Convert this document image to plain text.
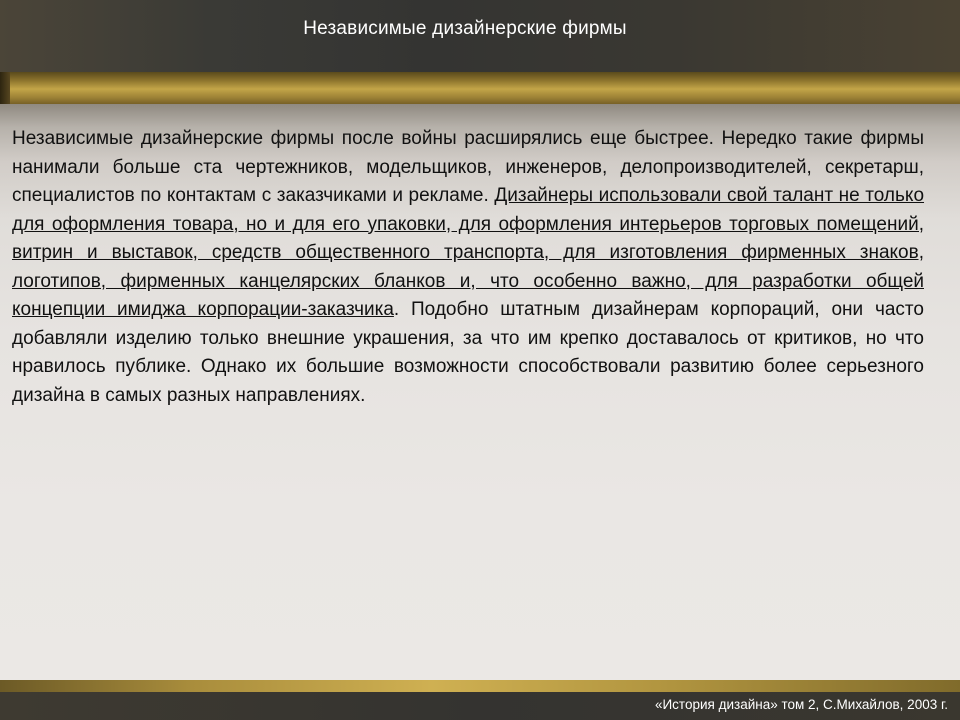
Независимые дизайнерские фирмы

Независимые дизайнерские фирмы после войны расширялись еще быстрее. Нередко такие фирмы нанимали больше ста чертежников, модельщиков, инженеров, делопроизводителей, секретарш, специалистов по контактам с заказчиками и рекламе. Дизайнеры использовали свой талант не только для оформления товара, но и для его упаковки, для оформления интерьеров торговых помещений, витрин и выставок, средств общественного транспорта, для изготовления фирменных знаков, логотипов, фирменных канцелярских бланков и, что особенно важно, для разработки общей концепции имиджа корпорации-заказчика. Подобно штатным дизайнерам корпораций, они часто добавляли изделию только внешние украшения, за что им крепко доставалось от критиков, но что нравилось публике. Однако их большие возможности способствовали развитию более серьезного дизайна в самых разных направлениях.

«История дизайна» том 2, С.Михайлов, 2003 г.
